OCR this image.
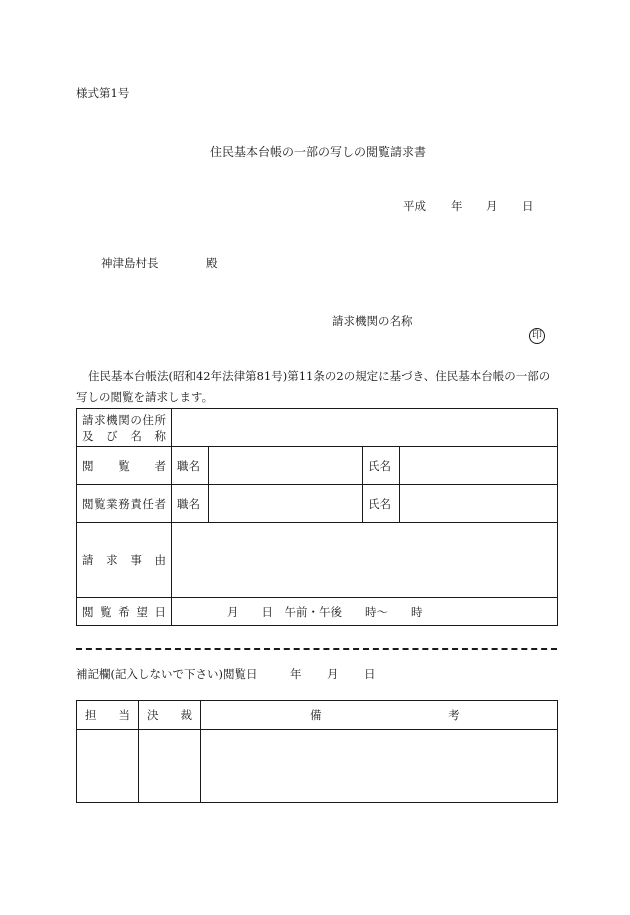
様式第1号
住民基本台帳の一部の写しの閲覧請求書
平成 年 月 日
神津島村長	殿
請求機関の名称
印
住民基本台帳法(昭和42年法律第81号)第11条の2の規定に基づき、住民基本台帳の一部の写しの閲覧を請求します。
請求機関の住所
及 び 名 称				

閲覧者	職名		氏名	
閲覧業務責任者	職名		氏名	
請求事由				
閲覧希望日	月　　日　午前・午後　　時〜　　時			
補記欄(記入しないで下さい)閲覧日	年 月 日
担当	決裁	備 考
